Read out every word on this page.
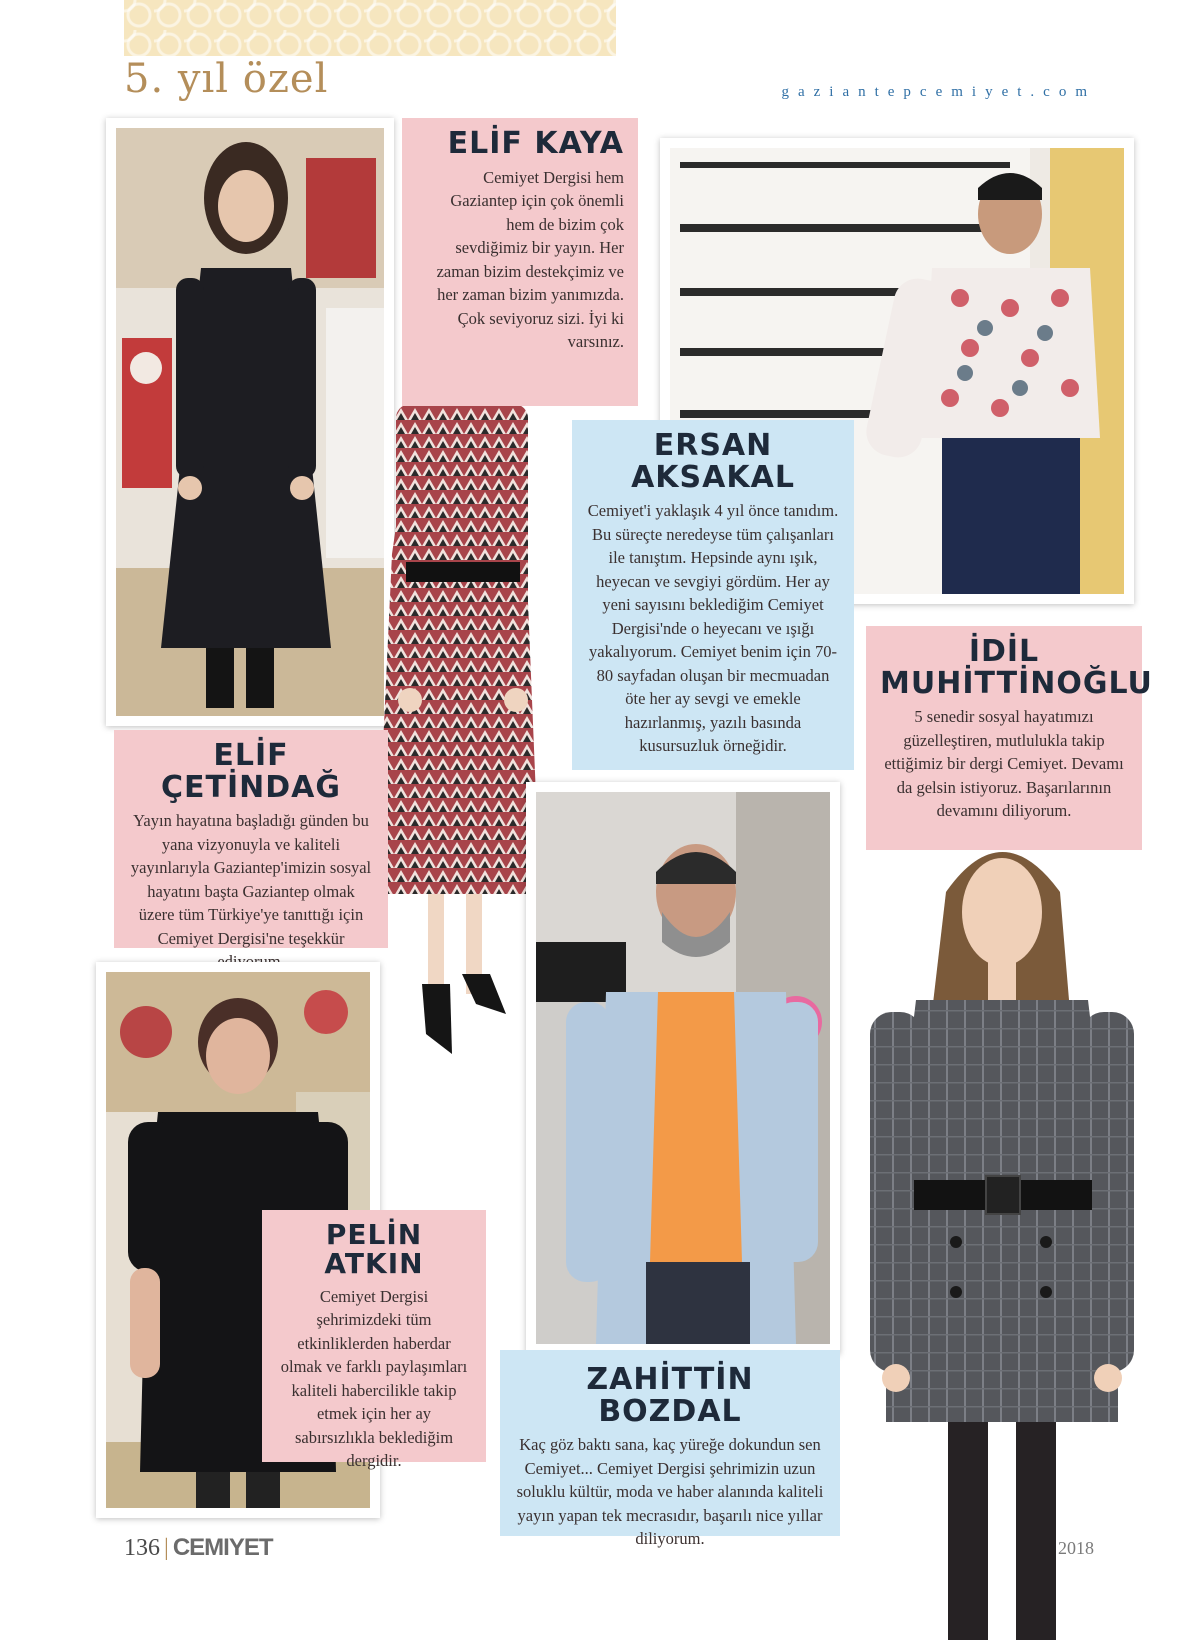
5. yıl özel	gaziantepcemiyet.com
ELİF KAYA

Cemiyet Dergisi hem Gaziantep için çok önemli hem de bizim çok sevdiğimiz bir yayın. Her zaman bizim destekçimiz ve her zaman bizim yanımızda. Çok seviyoruz sizi. İyi ki varsınız.

ERSAN AKSAKAL

Cemiyet'i yaklaşık 4 yıl önce tanıdım. Bu süreçte neredeyse tüm çalışanları ile tanıştım. Hepsinde aynı ışık, heyecan ve sevgiyi gördüm. Her ay yeni sayısını beklediğim Cemiyet Dergisi'nde o heyecanı ve ışığı yakalıyorum. Cemiyet benim için 70-80 sayfadan oluşan bir mecmuadan öte her ay sevgi ve emekle hazırlanmış, yazılı basında kusursuzluk örneğidir.

İDİL
MUHİTTİNOĞLU

5 senedir sosyal hayatımızı güzelleştiren, mutlulukla takip ettiğimiz bir dergi Cemiyet. Devamı da gelsin istiyoruz. Başarılarının devamını diliyorum.

ELİF ÇETİNDAĞ

Yayın hayatına başladığı günden bu yana vizyonuyla ve kaliteli yayınlarıyla Gaziantep'imizin sosyal hayatını başta Gaziantep olmak üzere tüm Türkiye'ye tanıttığı için Cemiyet Dergisi'ne teşekkür

PELİN ATKIN

Cemiyet Dergisi şehrimizdeki tüm etkinliklerden haberdar olmak ve farklı paylaşımları kaliteli habercilikle takip etmek için her ay sabırsızlıkla beklediğim dergidir.

ZAHİTTİN BOZDAL

Kaç göz baktı sana, kaç yüreğe dokundun sen Cemiyet... Cemiyet Dergisi şehrimizin uzun soluklu kültür, moda ve haber alanında kaliteli yayın yapan tek mecrasıdır, başarılı nice yıllar diliyorum.

136 | CEMIYET	2018
